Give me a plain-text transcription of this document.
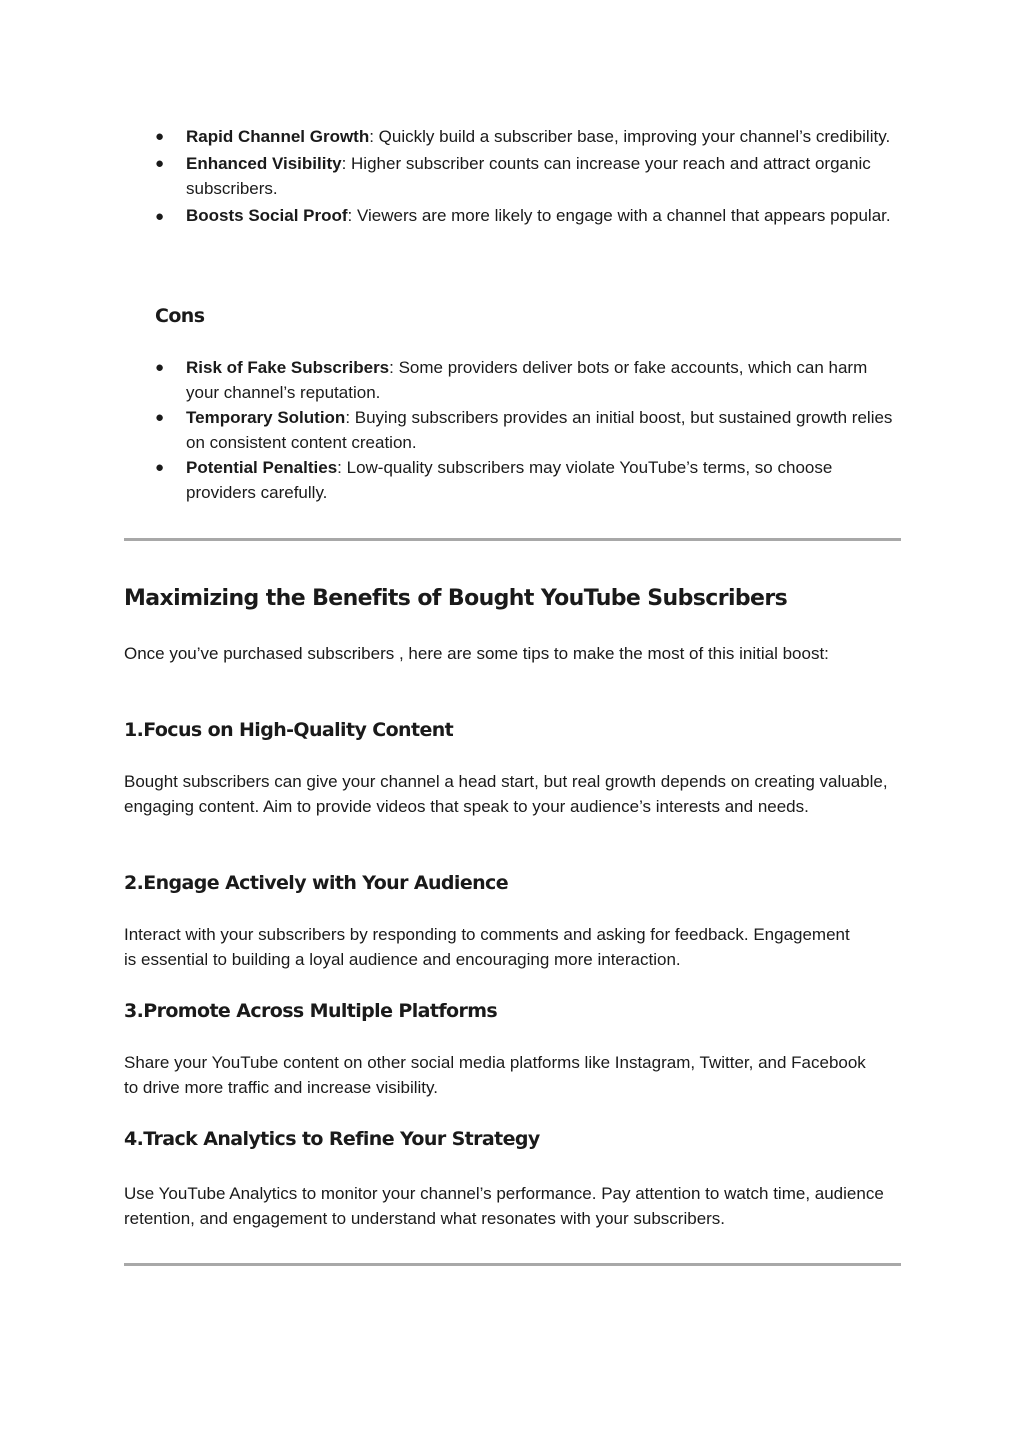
● Rapid Channel Growth: Quickly build a subscriber base, improving your channel’s credibility.
● Enhanced Visibility: Higher subscriber counts can increase your reach and attract organic subscribers.
● Boosts Social Proof: Viewers are more likely to engage with a channel that appears popular.
Cons
● Risk of Fake Subscribers: Some providers deliver bots or fake accounts, which can harm your channel’s reputation.
● Temporary Solution: Buying subscribers provides an initial boost, but sustained growth relies on consistent content creation.
● Potential Penalties: Low-quality subscribers may violate YouTube’s terms, so choose providers carefully.
Maximizing the Benefits of Bought YouTube Subscribers

Once you’ve purchased subscribers , here are some tips to make the most of this initial boost:

1.Focus on High-Quality Content

Bought subscribers can give your channel a head start, but real growth depends on creating valuable, engaging content. Aim to provide videos that speak to your audience’s interests and needs.

2.Engage Actively with Your Audience

Interact with your subscribers by responding to comments and asking for feedback. Engagement is essential to building a loyal audience and encouraging more interaction.

3.Promote Across Multiple Platforms

Share your YouTube content on other social media platforms like Instagram, Twitter, and Facebook to drive more traffic and increase visibility.

4.Track Analytics to Refine Your Strategy

Use YouTube Analytics to monitor your channel’s performance. Pay attention to watch time, audience retention, and engagement to understand what resonates with your subscribers.
